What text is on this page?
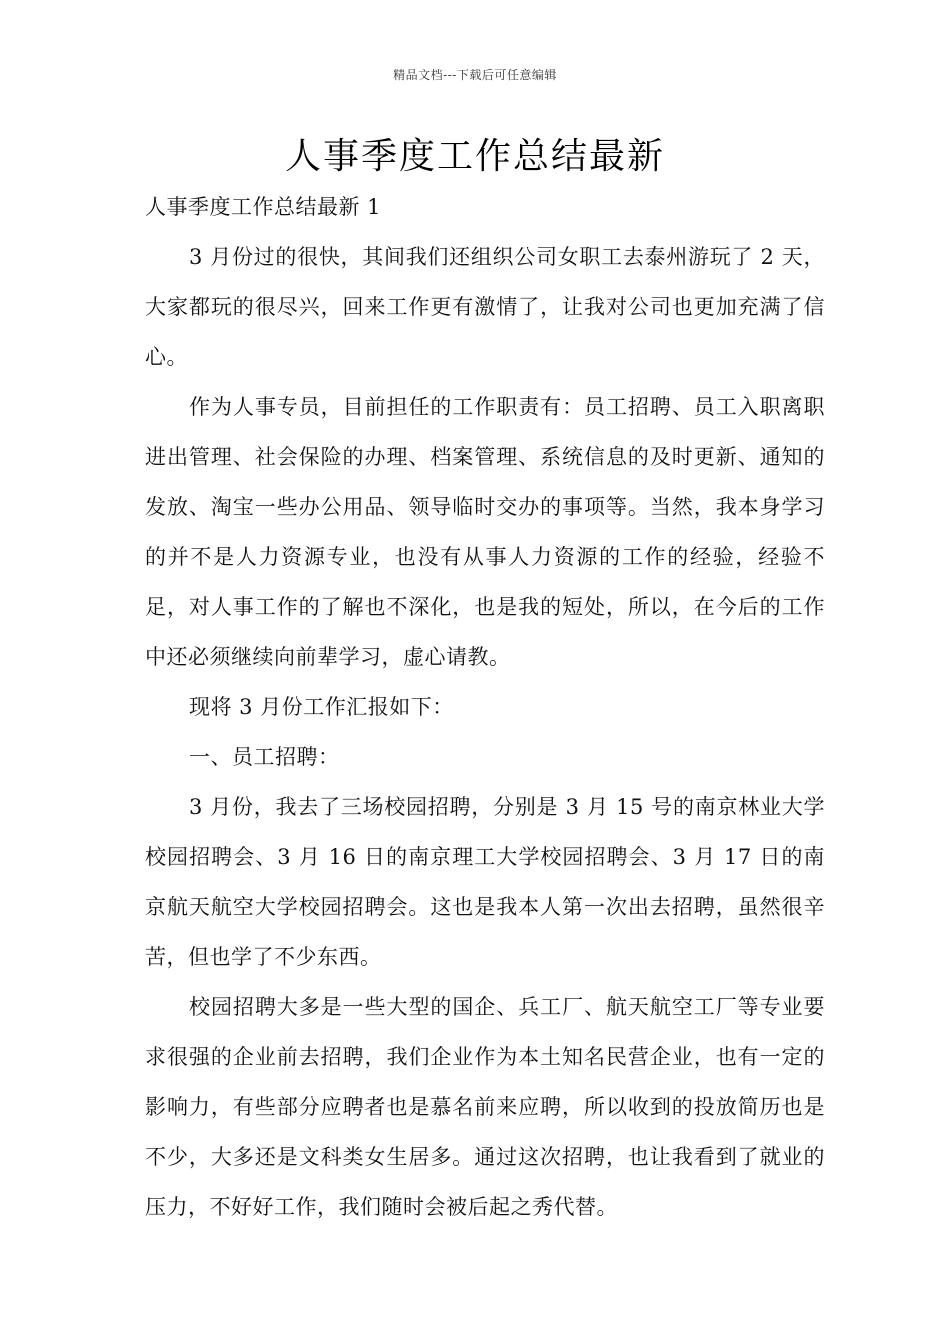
精品文档---下载后可任意编辑
人事季度工作总结最新

人事季度工作总结最新 1

3 月份过的很快，其间我们还组织公司女职工去泰州游玩了 2 天，大家都玩的很尽兴，回来工作更有激情了，让我对公司也更加充满了信心。

作为人事专员，目前担任的工作职责有：员工招聘、员工入职离职进出管理、社会保险的办理、档案管理、系统信息的及时更新、通知的发放、淘宝一些办公用品、领导临时交办的事项等。当然，我本身学习的并不是人力资源专业，也没有从事人力资源的工作的经验，经验不足，对人事工作的了解也不深化，也是我的短处，所以，在今后的工作中还必须继续向前辈学习，虚心请教。

现将 3 月份工作汇报如下：

一、员工招聘：

3 月份，我去了三场校园招聘，分别是 3 月 15 号的南京林业大学校园招聘会、3 月 16 日的南京理工大学校园招聘会、3 月 17 日的南京航天航空大学校园招聘会。这也是我本人第一次出去招聘，虽然很辛苦，但也学了不少东西。

校园招聘大多是一些大型的国企、兵工厂、航天航空工厂等专业要求很强的企业前去招聘，我们企业作为本土知名民营企业，也有一定的影响力，有些部分应聘者也是慕名前来应聘，所以收到的投放简历也是不少，大多还是文科类女生居多。通过这次招聘，也让我看到了就业的压力，不好好工作，我们随时会被后起之秀代替。
